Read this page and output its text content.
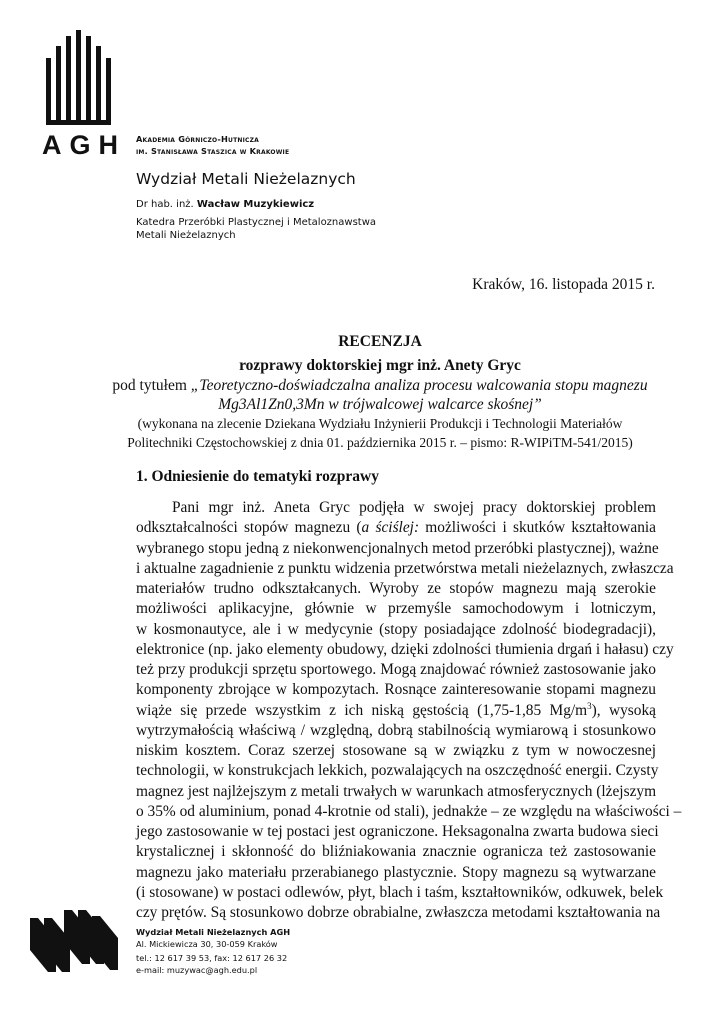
AGH Akademia Górniczo-Hutnicza
im. Stanisława Staszica w Krakowie
Wydział Metali Nieżelaznych
Dr hab. inż. Wacław Muzykiewicz
Katedra Przeróbki Plastycznej i Metaloznawstwa
Metali Nieżelaznych
Kraków, 16. listopada 2015 r.
RECENZJA
rozprawy doktorskiej mgr inż. Anety Gryc
pod tytułem „Teoretyczno-doświadczalna analiza procesu walcowania stopu magnezu
Mg3Al1Zn0,3Mn w trójwalcowej walcarce skośnej”
(wykonana na zlecenie Dziekana Wydziału Inżynierii Produkcji i Technologii Materiałów
Politechniki Częstochowskiej z dnia 01. października 2015 r. – pismo: R-WIPiTM-541/2015)
1. Odniesienie do tematyki rozprawy
Pani mgr inż. Aneta Gryc podjęła w swojej pracy doktorskiej problem
odkształcalności stopów magnezu (a ściślej: możliwości i skutków kształtowania
wybranego stopu jedną z niekonwencjonalnych metod przeróbki plastycznej), ważne
i aktualne zagadnienie z punktu widzenia przetwórstwa metali nieżelaznych, zwłaszcza
materiałów trudno odkształcanych. Wyroby ze stopów magnezu mają szerokie
możliwości aplikacyjne, głównie w przemyśle samochodowym i lotniczym,
w kosmonautyce, ale i w medycynie (stopy posiadające zdolność biodegradacji),
elektronice (np. jako elementy obudowy, dzięki zdolności tłumienia drgań i hałasu) czy
też przy produkcji sprzętu sportowego. Mogą znajdować również zastosowanie jako
komponenty zbrojące w kompozytach. Rosnące zainteresowanie stopami magnezu
wiąże się przede wszystkim z ich niską gęstością (1,75-1,85 $Mg/m^3$), wysoką
wytrzymałością właściwą / względną, dobrą stabilnością wymiarową i stosunkowo
niskim kosztem. Coraz szerzej stosowane są w związku z tym w nowoczesnej
technologii, w konstrukcjach lekkich, pozwalających na oszczędność energii. Czysty
magnez jest najlżejszym z metali trwałych w warunkach atmosferycznych (lżejszym
o 35% od aluminium, ponad 4-krotnie od stali), jednakże – ze względu na właściwości –
jego zastosowanie w tej postaci jest ograniczone. Heksagonalna zwarta budowa sieci
krystalicznej i skłonność do bliźniakowania znacznie ogranicza też zastosowanie
magnezu jako materiału przerabianego plastycznie. Stopy magnezu są wytwarzane
(i stosowane) w postaci odlewów, płyt, blach i taśm, kształtowników, odkuwek, belek
czy prętów. Są stosunkowo dobrze obrabialne, zwłaszcza metodami kształtowania na
Wydział Metali Nieżelaznych AGH
Al. Mickiewicza 30, 30-059 Kraków
tel.: 12 617 39 53, fax: 12 617 26 32
e-mail: muzywac@agh.edu.pl
